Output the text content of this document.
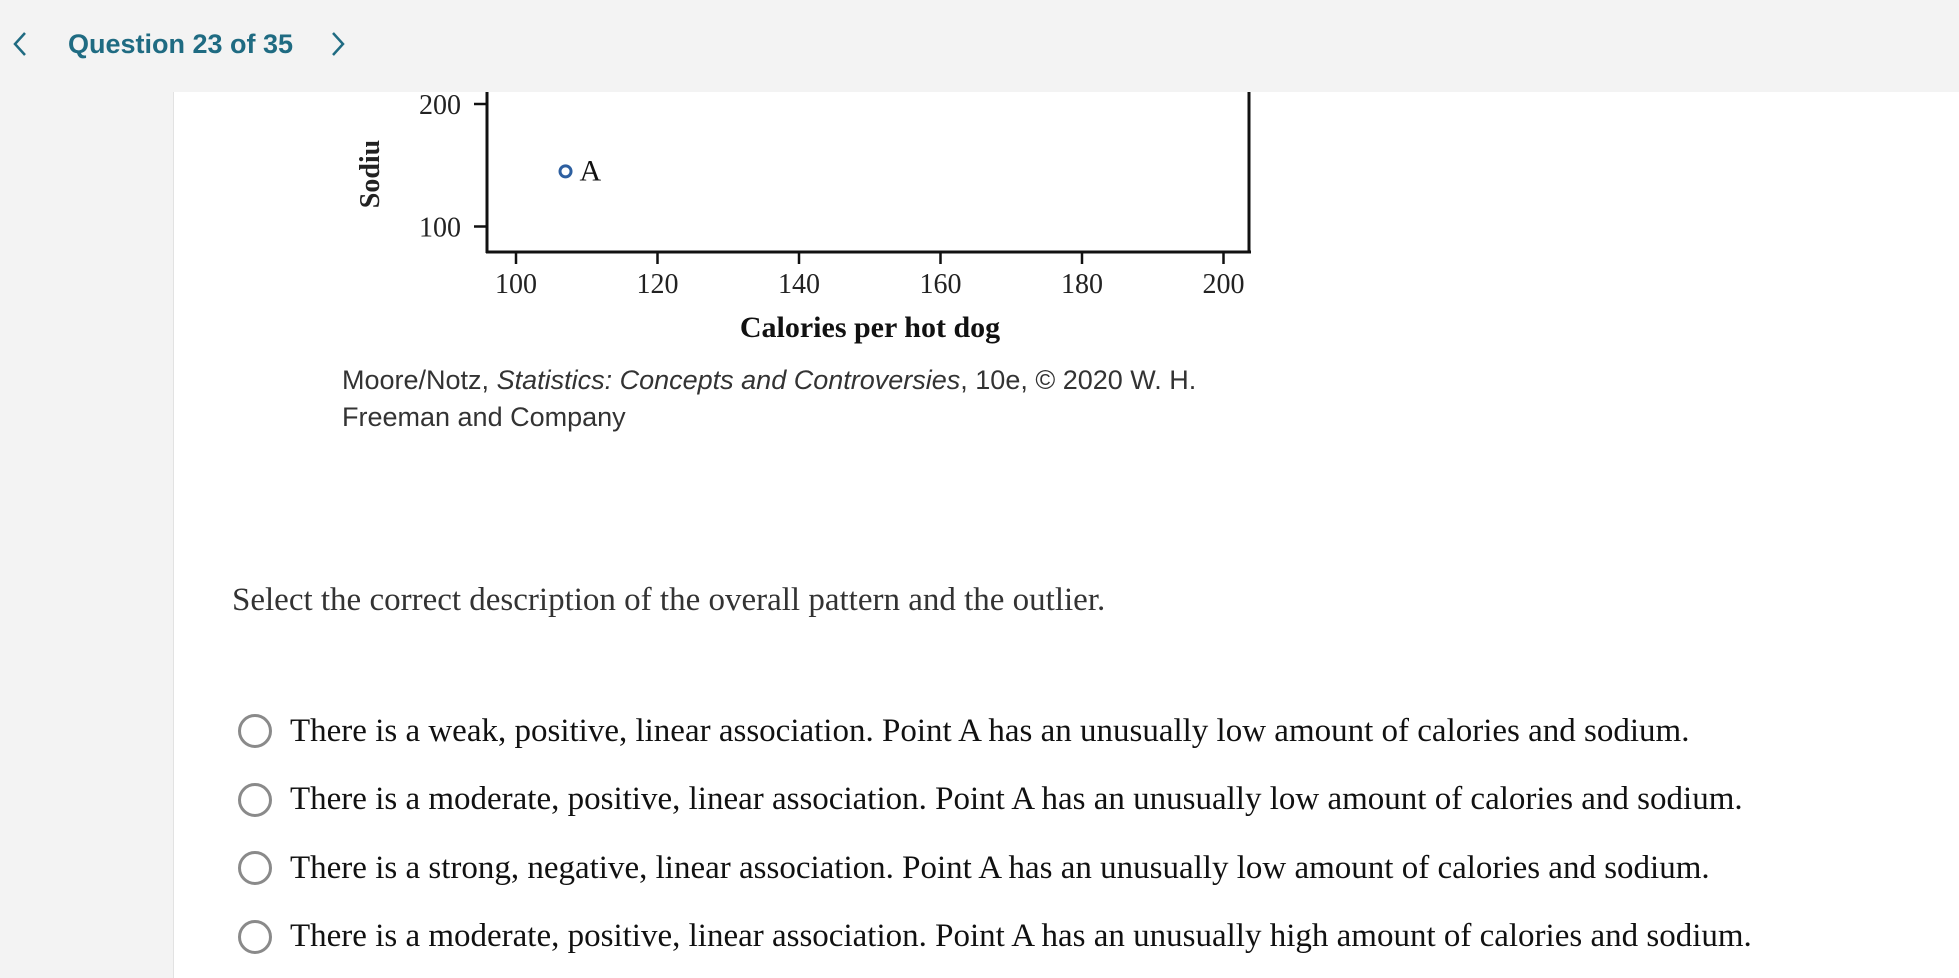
Question 23 of 35
Sodiu
200
100
100	120	140	160	180	200
A
Calories per hot dog
Moore/Notz, Statistics: Concepts and Controversies, 10e, © 2020 W. H. Freeman and Company
Select the correct description of the overall pattern and the outlier.
There is a weak, positive, linear association. Point A has an unusually low amount of calories and sodium.
There is a moderate, positive, linear association. Point A has an unusually low amount of calories and sodium.
There is a strong, negative, linear association. Point A has an unusually low amount of calories and sodium.
There is a moderate, positive, linear association. Point A has an unusually high amount of calories and sodium.
